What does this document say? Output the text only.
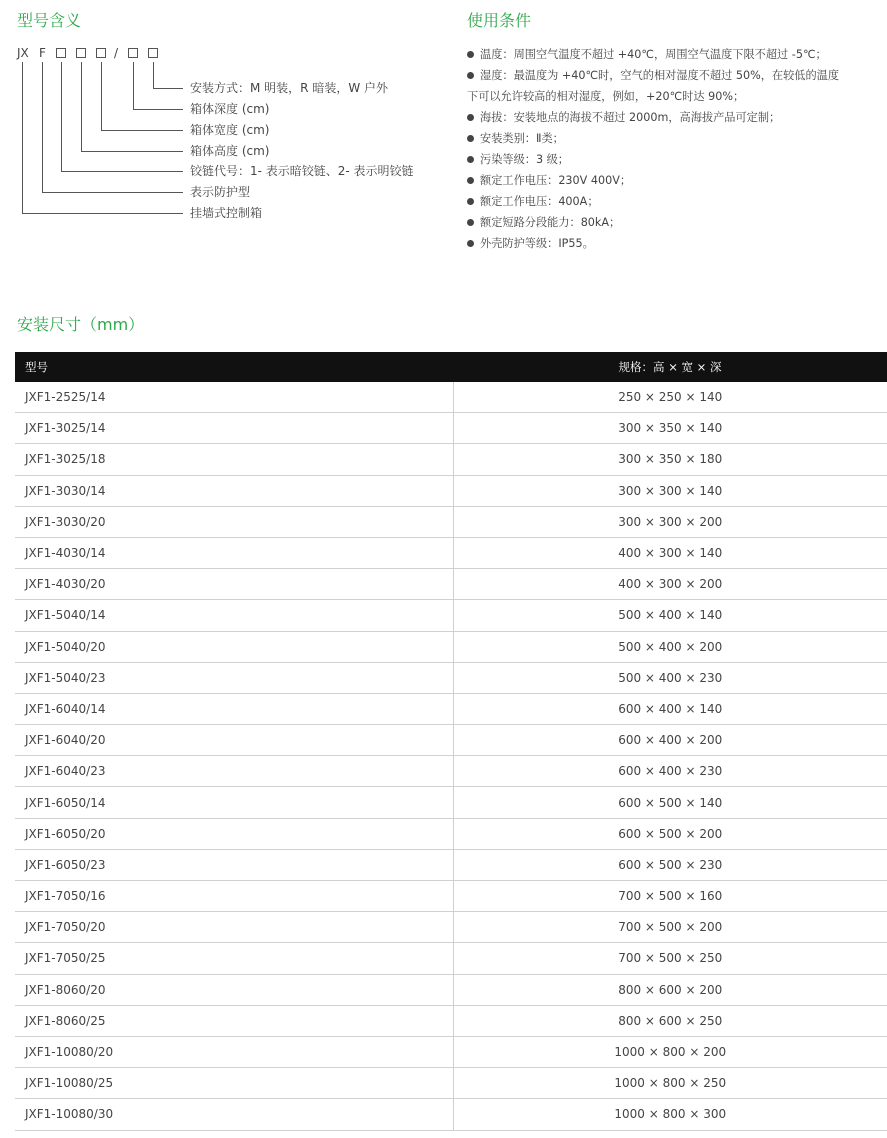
型号含义	使用条件
安装尺寸（mm）
JX F	/
安装方式：M 明装，R 暗装，W 户外
箱体深度 (cm)
箱体宽度 (cm)
箱体高度 (cm)
铰链代号：1- 表示暗铰链、2- 表示明铰链
表示防护型
挂墙式控制箱
温度：周围空气温度不超过 +40℃，周围空气温度下限不超过 -5℃；
湿度：最温度为 +40℃时，空气的相对湿度不超过 50%，在较低的温度
下可以允许较高的相对湿度，例如，+20℃时达 90%；
海拔：安装地点的海拔不超过 2000m，高海拔产品可定制；
安装类别：Ⅱ类；
污染等级：3 级；
额定工作电压：230V 400V；
额定工作电压：400A；
额定短路分段能力：80kA；
外壳防护等级：IP55。
型号	规格：高 × 宽 × 深
JXF1-2525/14	250 × 250 × 140
JXF1-3025/14	300 × 350 × 140
JXF1-3025/18	300 × 350 × 180
JXF1-3030/14	300 × 300 × 140
JXF1-3030/20	300 × 300 × 200
JXF1-4030/14	400 × 300 × 140
JXF1-4030/20	400 × 300 × 200
JXF1-5040/14	500 × 400 × 140
JXF1-5040/20	500 × 400 × 200
JXF1-5040/23	500 × 400 × 230
JXF1-6040/14	600 × 400 × 140
JXF1-6040/20	600 × 400 × 200
JXF1-6040/23	600 × 400 × 230
JXF1-6050/14	600 × 500 × 140
JXF1-6050/20	600 × 500 × 200
JXF1-6050/23	600 × 500 × 230
JXF1-7050/16	700 × 500 × 160
JXF1-7050/20	700 × 500 × 200
JXF1-7050/25	700 × 500 × 250
JXF1-8060/20	800 × 600 × 200
JXF1-8060/25	800 × 600 × 250
JXF1-10080/20	1000 × 800 × 200
JXF1-10080/25	1000 × 800 × 250
JXF1-10080/30	1000 × 800 × 300
